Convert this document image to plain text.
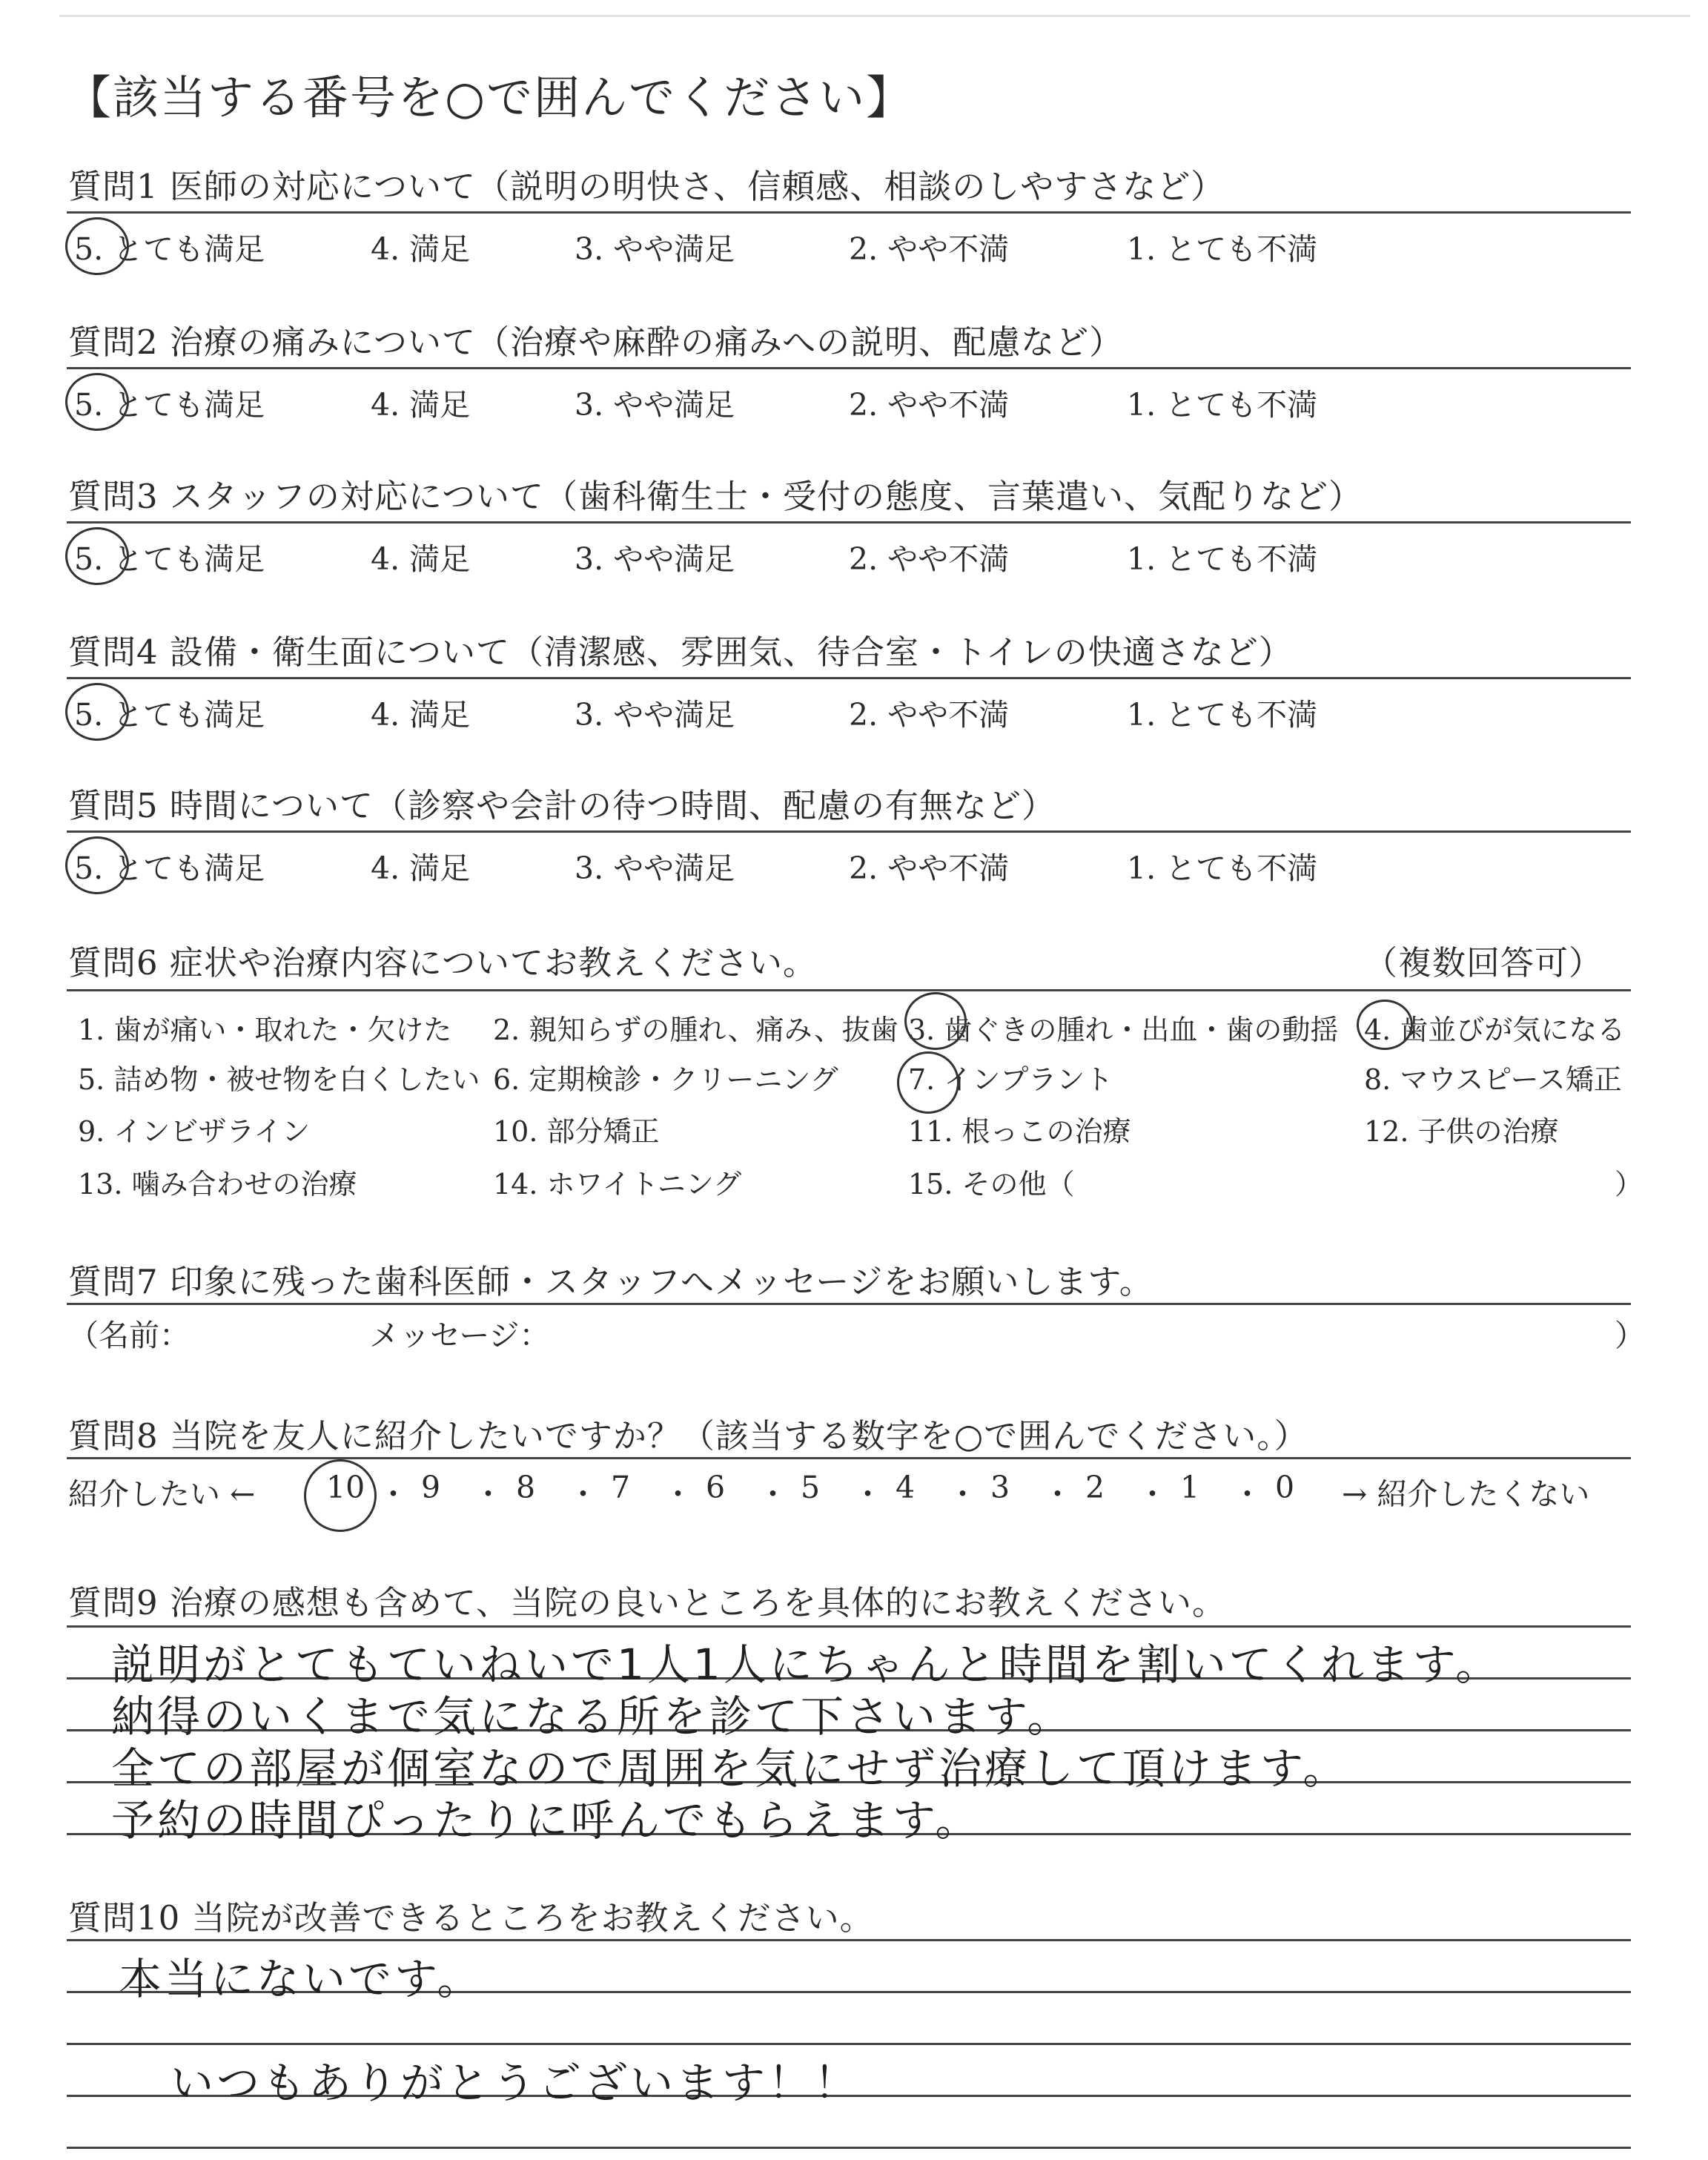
【該当する番号を○で囲んでください】
質問1 医師の対応について（説明の明快さ、信頼感、相談のしやすさなど）
5. とても満足	4. 満足	3. やや満足	2. やや不満	1. とても不満
質問2 治療の痛みについて（治療や麻酔の痛みへの説明、配慮など）
5. とても満足	4. 満足	3. やや満足	2. やや不満	1. とても不満
質問3 スタッフの対応について（歯科衛生士・受付の態度、言葉遣い、気配りなど）
5. とても満足	4. 満足	3. やや満足	2. やや不満	1. とても不満
質問4 設備・衛生面について（清潔感、雰囲気、待合室・トイレの快適さなど）
5. とても満足	4. 満足	3. やや満足	2. やや不満	1. とても不満
質問5 時間について（診察や会計の待つ時間、配慮の有無など）
5. とても満足	4. 満足	3. やや満足	2. やや不満	1. とても不満
質問6 症状や治療内容についてお教えください。	（複数回答可）
1. 歯が痛い・取れた・欠けた 2. 親知らずの腫れ、痛み、抜歯 3. 歯ぐきの腫れ・出血・歯の動揺 4. 歯並びが気になる
5. 詰め物・被せ物を白くしたい 6. 定期検診・クリーニング 7. インプラント	8. マウスピース矯正
9. インビザライン	10. 部分矯正	11. 根っこの治療	12. 子供の治療
13. 噛み合わせの治療	14. ホワイトニング	15. その他（	）
質問7 印象に残った歯科医師・スタッフへメッセージをお願いします。
（名前：	メッセージ：	）
質問8 当院を友人に紹介したいですか？（該当する数字を○で囲んでください。）
紹介したい ←	→ 紹介したくない
10 ・ 9 ・ 8 ・ 7 ・ 6 ・ 5 ・ 4 ・ 3 ・ 2 ・ 1 ・ 0
質問9 治療の感想も含めて、当院の良いところを具体的にお教えください。
説明がとてもていねいで1人1人にちゃんと時間を割いてくれます。
納得のいくまで気になる所を診て下さいます。
全ての部屋が個室なので周囲を気にせず治療して頂けます。
予約の時間ぴったりに呼んでもらえます。
質問10 当院が改善できるところをお教えください。
本当にないです。
いつもありがとうございます！！
